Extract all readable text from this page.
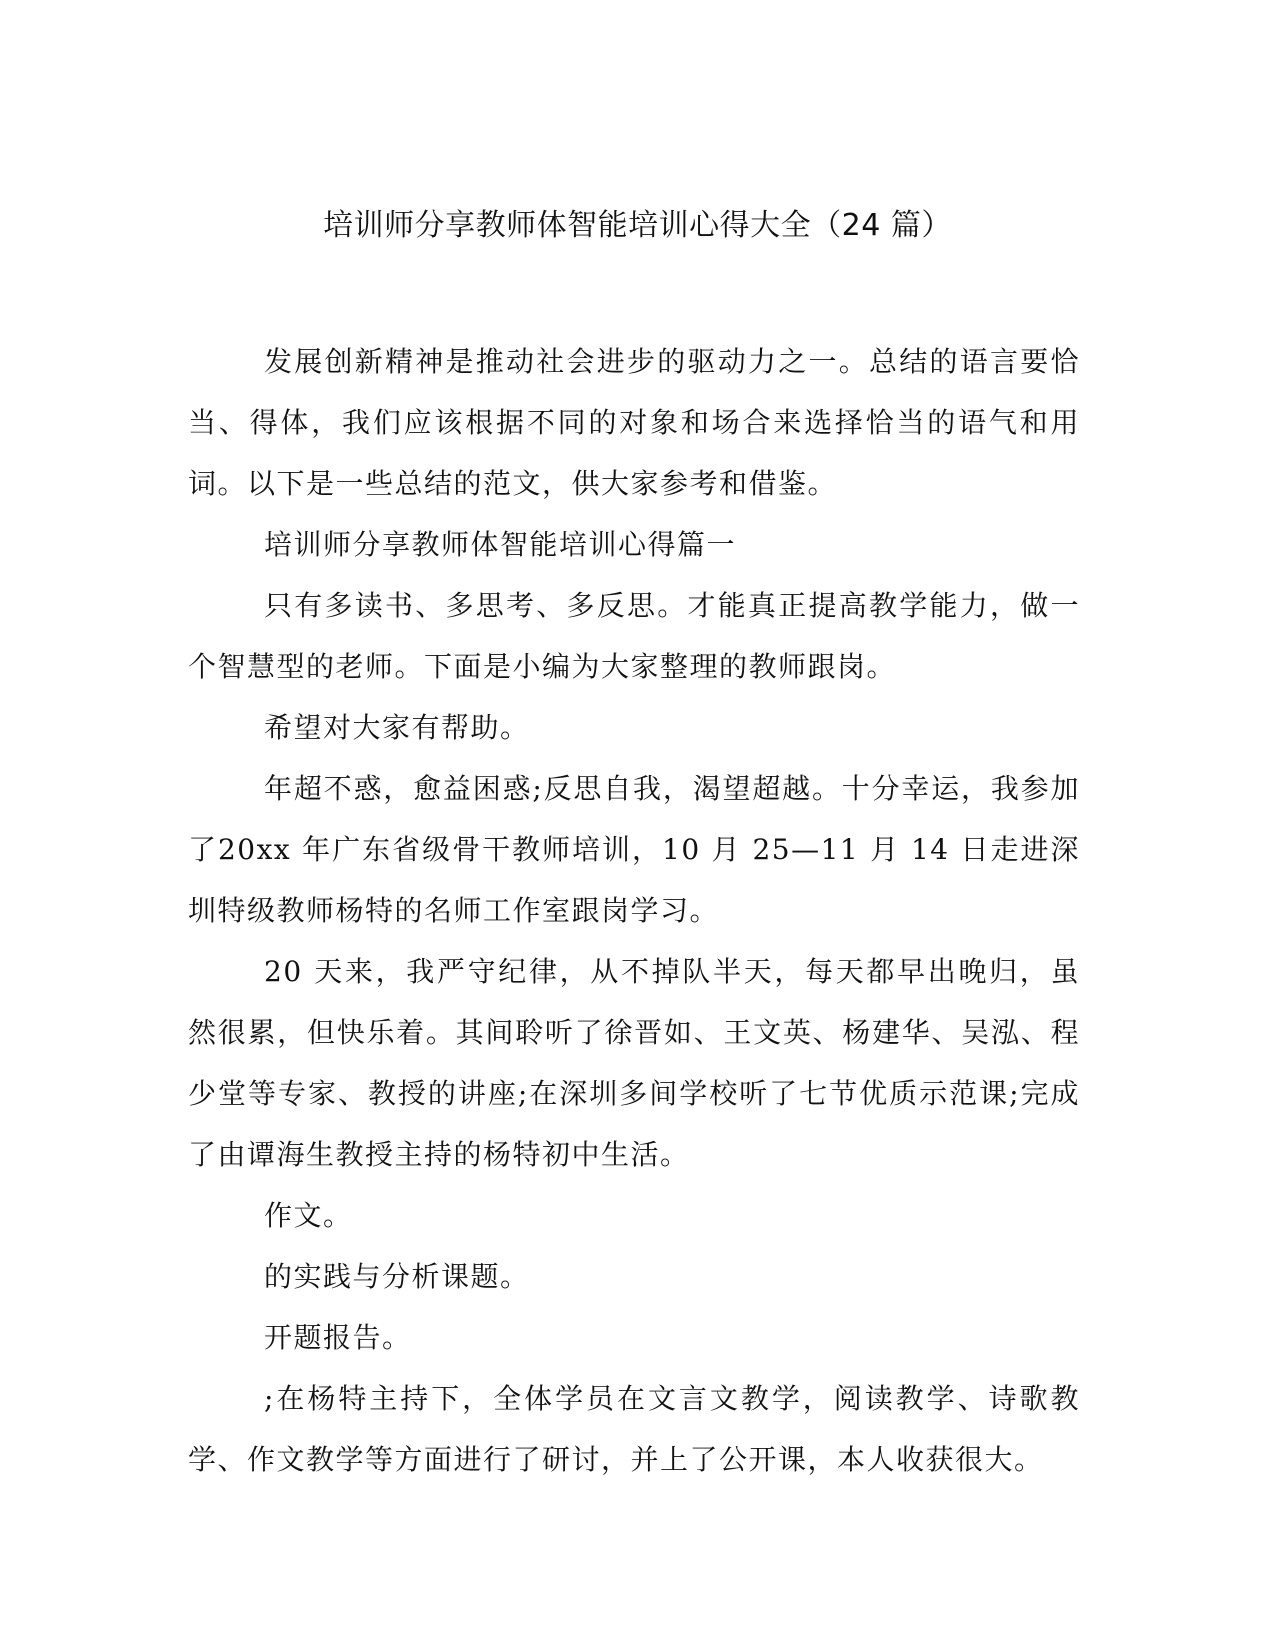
培训师分享教师体智能培训心得大全（24 篇）

发展创新精神是推动社会进步的驱动力之一。总结的语言要恰当、得体，我们应该根据不同的对象和场合来选择恰当的语气和用词。以下是一些总结的范文，供大家参考和借鉴。

培训师分享教师体智能培训心得篇一

只有多读书、多思考、多反思。才能真正提高教学能力，做一个智慧型的老师。下面是小编为大家整理的教师跟岗。

希望对大家有帮助。

年超不惑，愈益困惑;反思自我，渴望超越。十分幸运，我参加了20xx 年广东省级骨干教师培训，10 月 25—11 月 14 日走进深圳特级教师杨特的名师工作室跟岗学习。

20 天来，我严守纪律，从不掉队半天，每天都早出晚归，虽然很累，但快乐着。其间聆听了徐晋如、王文英、杨建华、吴泓、程少堂等专家、教授的讲座;在深圳多间学校听了七节优质示范课;完成了由谭海生教授主持的杨特初中生活。

作文。

的实践与分析课题。

开题报告。

;在杨特主持下，全体学员在文言文教学，阅读教学、诗歌教学、作文教学等方面进行了研讨，并上了公开课，本人收获很大。
